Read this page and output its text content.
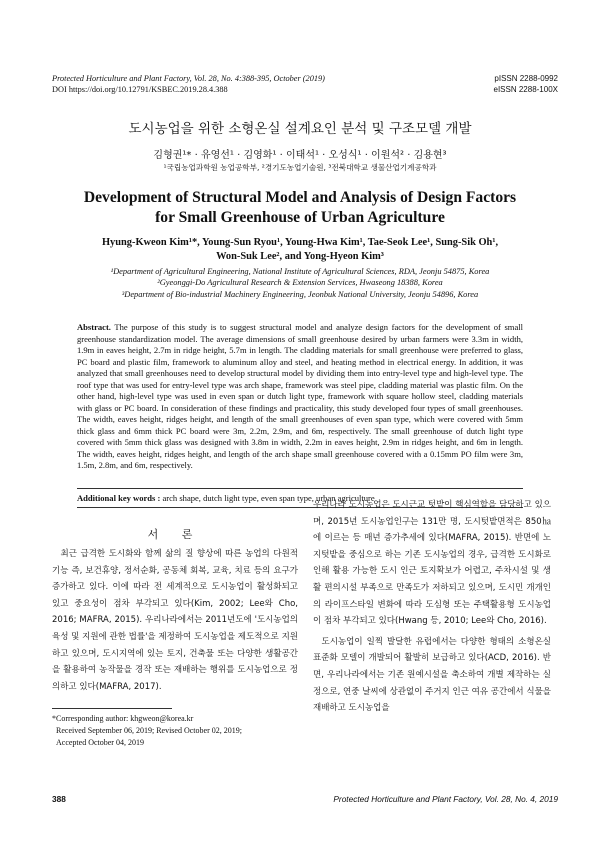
Protected Horticulture and Plant Factory, Vol. 28, No. 4:388-395, October (2019)
DOI https://doi.org/10.12791/KSBEC.2019.28.4.388
pISSN 2288-0992
eISSN 2288-100X
도시농업을 위한 소형온실 설계요인 분석 및 구조모델 개발
김형권¹* · 유영선¹ · 김영화¹ · 이태석¹ · 오성식¹ · 이원석² · 김용현³
¹국립농업과학원 농업공학부, ²경기도농업기술원, ³전북대학교 생물산업기계공학과
Development of Structural Model and Analysis of Design Factors
for Small Greenhouse of Urban Agriculture
Hyung-Kweon Kim¹*, Young-Sun Ryou¹, Young-Hwa Kim¹, Tae-Seok Lee¹, Sung-Sik Oh¹,
Won-Suk Lee², and Yong-Hyeon Kim³
¹Department of Agricultural Engineering, National Institute of Agricultural Sciences, RDA, Jeonju 54875, Korea
²Gyeonggi-Do Agricultural Research & Extension Services, Hwaseong 18388, Korea
³Department of Bio-industrial Machinery Engineering, Jeonbuk National University, Jeonju 54896, Korea
Abstract. The purpose of this study is to suggest structural model and analyze design factors for the development of small greenhouse standardization model. The average dimensions of small greenhouse desired by urban farmers were 3.3m in width, 1.9m in eaves height, 2.7m in ridge height, 5.7m in length. The cladding materials for small greenhouse were preferred to glass, PC board and plastic film, framework to aluminum alloy and steel, and heating method in electrical energy. In addition, it was analyzed that small greenhouses need to develop structural model by dividing them into entry-level type and high-level type. The roof type that was used for entry-level type was arch shape, framework was steel pipe, cladding material was plastic film. On the other hand, high-level type was used in even span or dutch light type, framework with square hollow steel, cladding materials with glass or PC board. In consideration of these findings and practicality, this study developed four types of small greenhouses. The width, eaves height, ridges height, and length of the small greenhouses of even span type, which were covered with 5mm thick glass and 6mm thick PC board were 3m, 2.2m, 2.9m, and 6m, respectively. The small greenhouse of dutch light type covered with 5mm thick glass was designed with 3.8m in width, 2.2m in eaves height, 2.9m in ridges height, and 6m in length. The width, eaves height, ridges height, and length of the arch shape small greenhouse covered with a 0.15mm PO film were 3m, 1.5m, 2.8m, and 6m, respectively.
Additional key words : arch shape, dutch light type, even span type, urban agriculture
서 론

최근 급격한 도시화와 함께 삶의 질 향상에 따른 농업의 다원적 기능 즉, 보건휴양, 정서순화, 공동체 회복, 교육, 치료 등의 요구가 증가하고 있다. 이에 따라 전 세계적으로 도시농업이 활성화되고 있고 중요성이 점차 부각되고 있다(Kim, 2002; Lee와 Cho, 2016; MAFRA, 2015). 우리나라에서는 2011년도에 '도시농업의 육성 및 지원에 관한 법률'을 제정하여 도시농업을 제도적으로 지원하고 있으며, 도시지역에 있는 토지, 건축물 또는 다양한 생활공간을 활용하여 농작물을 경작 또는 재배하는 행위를 도시농업으로 정의하고 있다(MAFRA, 2017).

우리나라 도시농업은 도시근교 텃밭이 핵심역할을 담당하고 있으며, 2015년 도시농업인구는 131만 명, 도시텃밭면적은 850㏊에 이르는 등 매년 증가추세에 있다(MAFRA, 2015). 반면에 노지텃밭을 중심으로 하는 기존 도시농업의 경우, 급격한 도시화로 인해 활용 가능한 도시 인근 토지확보가 어렵고, 주차시설 및 생활 편의시설 부족으로 만족도가 저하되고 있으며, 도시민 개개인의 라이프스타일 변화에 따라 도심형 또는 주택활용형 도시농업이 점차 부각되고 있다(Hwang 등, 2010; Lee와 Cho, 2016).

도시농업이 일찍 발달한 유럽에서는 다양한 형태의 소형온실 표준화 모델이 개발되어 활발히 보급하고 있다(ACD, 2016). 반면, 우리나라에서는 기존 원예시설을 축소하여 개별 제작하는 실정으로, 연중 날씨에 상관없이 주거지 인근 여유 공간에서 식물을 재배하고 도시농업을

*Corresponding author: khgweon@korea.kr
Received September 06, 2019; Revised October 02, 2019;
Accepted October 04, 2019
388	Protected Horticulture and Plant Factory, Vol. 28, No. 4, 2019
